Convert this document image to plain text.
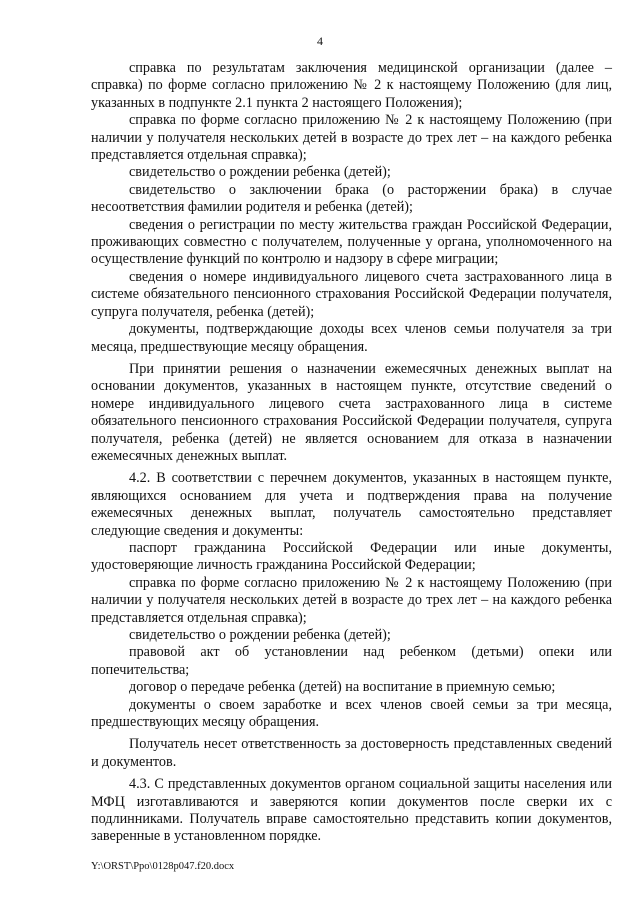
4

справка по результатам заключения медицинской организации (далее – справка) по форме согласно приложению № 2 к настоящему Положению (для лиц, указанных в подпункте 2.1 пункта 2 настоящего Положения);

справка по форме согласно приложению № 2 к настоящему Положению (при наличии у получателя нескольких детей в возрасте до трех лет – на каждого ребенка представляется отдельная справка);

свидетельство о рождении ребенка (детей);

свидетельство о заключении брака (о расторжении брака) в случае несоответствия фамилии родителя и ребенка (детей);

сведения о регистрации по месту жительства граждан Российской Федерации, проживающих совместно с получателем, полученные у органа, уполномоченного на осуществление функций по контролю и надзору в сфере миграции;

сведения о номере индивидуального лицевого счета застрахованного лица в системе обязательного пенсионного страхования Российской Федерации получателя, супруга получателя, ребенка (детей);

документы, подтверждающие доходы всех членов семьи получателя за три месяца, предшествующие месяцу обращения.

При принятии решения о назначении ежемесячных денежных выплат на основании документов, указанных в настоящем пункте, отсутствие сведений о номере индивидуального лицевого счета застрахованного лица в системе обязательного пенсионного страхования Российской Федерации получателя, супруга получателя, ребенка (детей) не является основанием для отказа в назначении ежемесячных денежных выплат.

4.2. В соответствии с перечнем документов, указанных в настоящем пункте, являющихся основанием для учета и подтверждения права на получение ежемесячных денежных выплат, получатель самостоятельно представляет следующие сведения и документы:

паспорт гражданина Российской Федерации или иные документы, удостоверяющие личность гражданина Российской Федерации;

справка по форме согласно приложению № 2 к настоящему Положению (при наличии у получателя нескольких детей в возрасте до трех лет – на каждого ребенка представляется отдельная справка);

свидетельство о рождении ребенка (детей);

правовой акт об установлении над ребенком (детьми) опеки или попечительства;

договор о передаче ребенка (детей) на воспитание в приемную семью;

документы о своем заработке и всех членов своей семьи за три месяца, предшествующих месяцу обращения.

Получатель несет ответственность за достоверность представленных сведений и документов.

4.3. С представленных документов органом социальной защиты населения или МФЦ изготавливаются и заверяются копии документов после сверки их с подлинниками. Получатель вправе самостоятельно представить копии документов, заверенные в установленном порядке.

Y:\ORST\Ppo\0128p047.f20.docx
